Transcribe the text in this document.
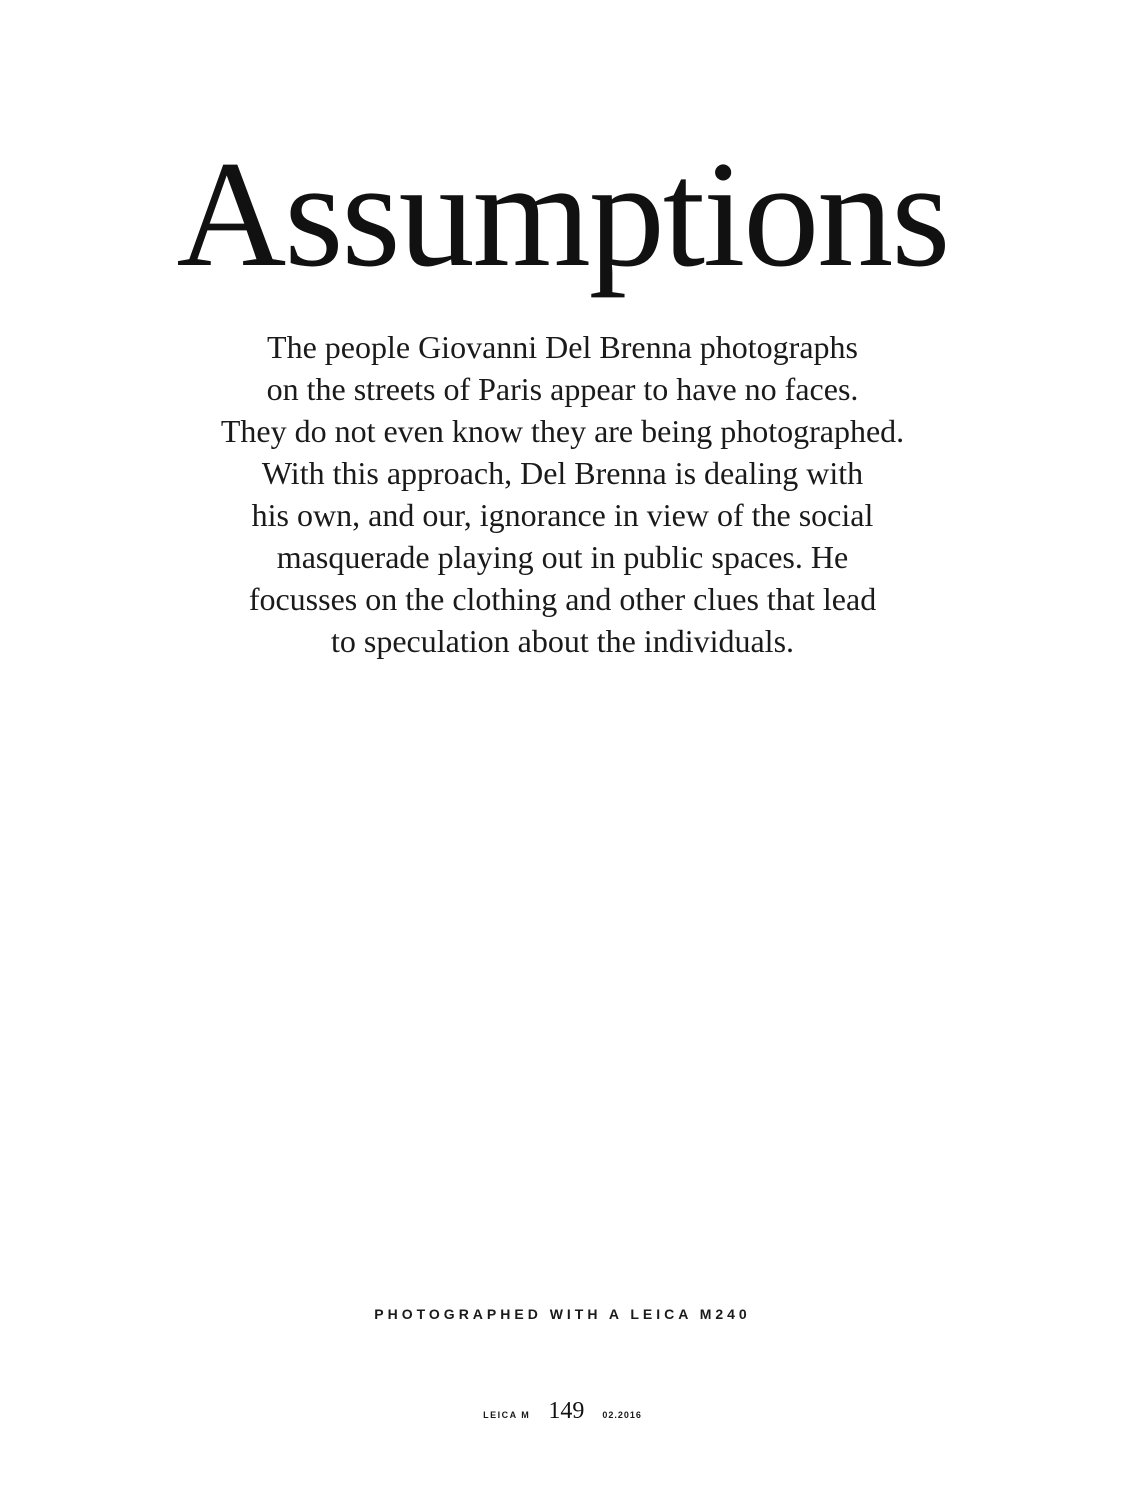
Assumptions
The people Giovanni Del Brenna photographs
on the streets of Paris appear to have no faces.
They do not even know they are being photographed.
With this approach, Del Brenna is dealing with
his own, and our, ignorance in view of the social
masquerade playing out in public spaces. He
focusses on the clothing and other clues that lead
to speculation about the individuals.
PHOTOGRAPHED WITH A LEICA M240
LEICA M 149 02.2016
